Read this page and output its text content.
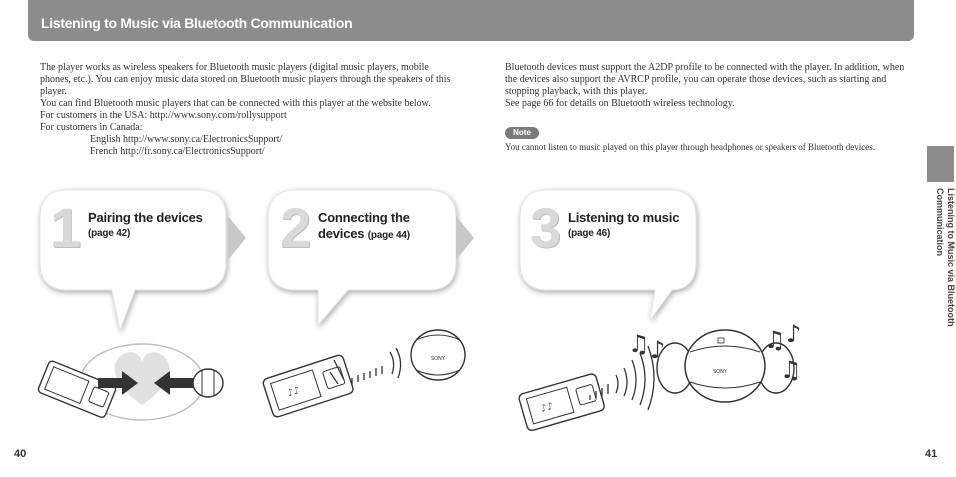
Listening to Music via Bluetooth Communication

The player works as wireless speakers for Bluetooth music players (digital music players, mobile phones, etc.). You can enjoy music data stored on Bluetooth music players through the speakers of this player.

You can find Bluetooth music players that can be connected with this player at the website below.

For customers in the USA: http://www.sony.com/rollysupport

For customers in Canada:

English http://www.sony.ca/ElectronicsSupport/

French http://fr.sony.ca/ElectronicsSupport/

Bluetooth devices must support the A2DP profile to be connected with the player. In addition, when the devices also support the AVRCP profile, you can operate those devices, such as starting and stopping playback, with this player.

See page 66 for details on Bluetooth wireless technology.

Note
You cannot listen to music played on this player through headphones or speakers of Bluetooth devices.
Listening to Music via Bluetooth Communication
40	41
♪♪
SONY
♪♪
SONY
1 Pairing the devices
(page 42)	2 Connecting the
devices (page 44)	3 Listening to music
(page 46)
♫ ♪	♫ ♪
♫
